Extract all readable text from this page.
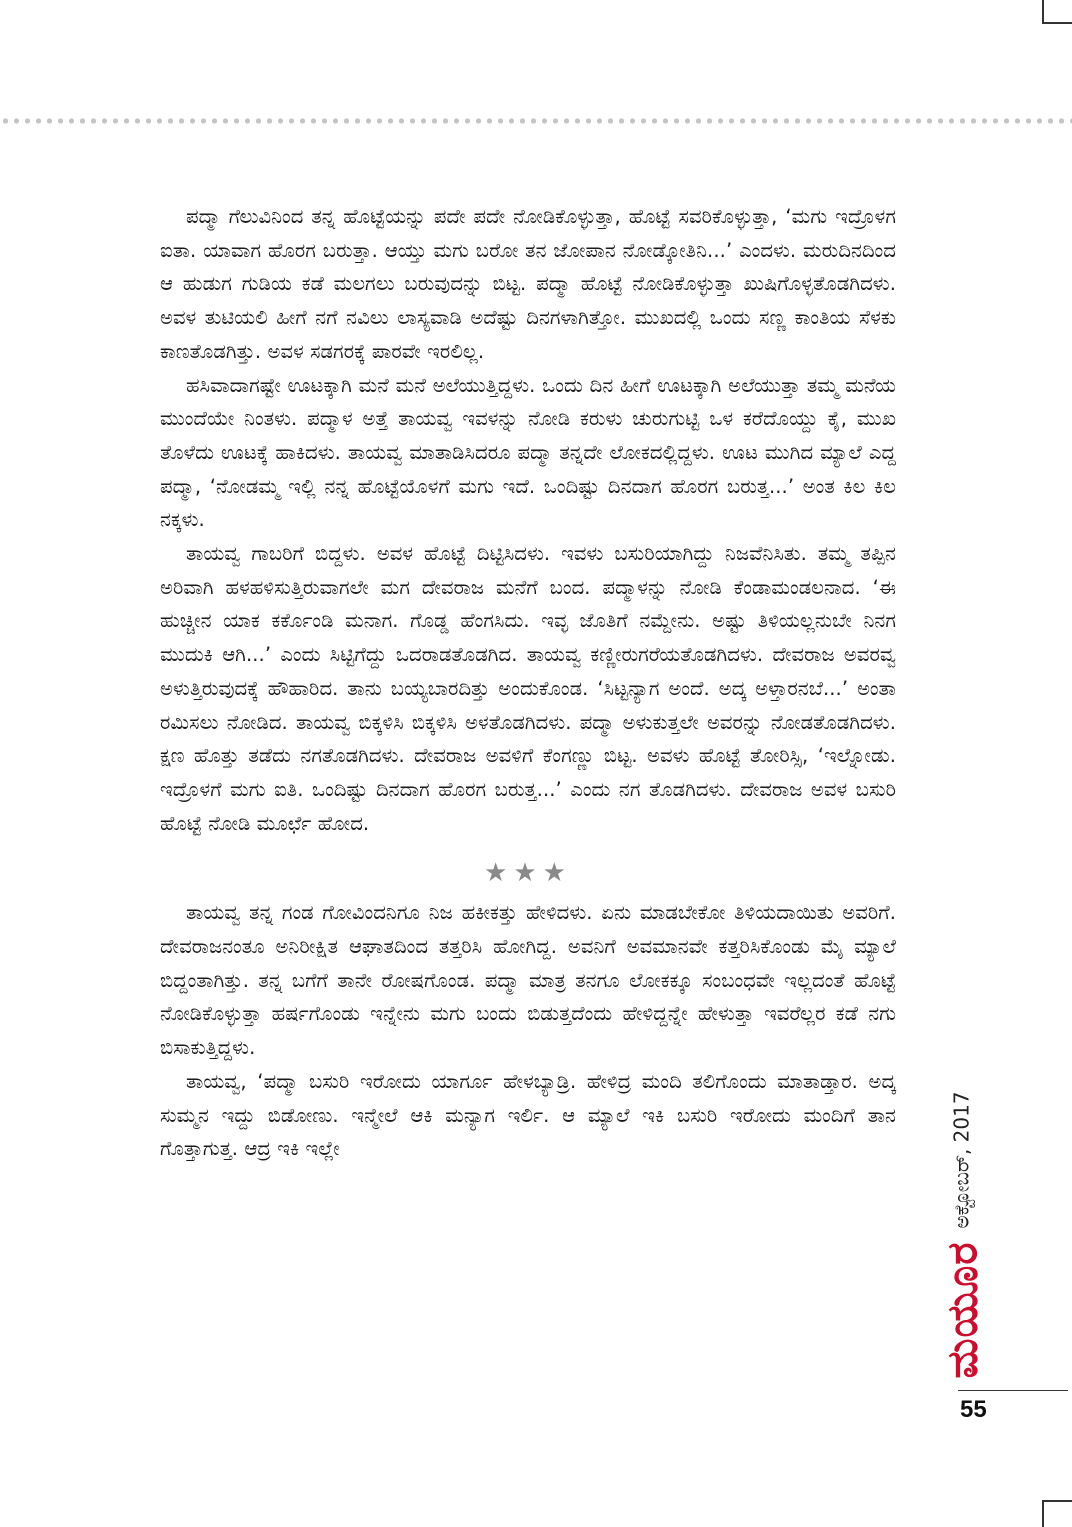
ಪದ್ಮಾ ಗೆಲುವಿನಿಂದ ತನ್ನ ಹೊಟ್ಟೆಯನ್ನು ಪದೇ ಪದೇ ನೋಡಿಕೊಳ್ಳುತ್ತಾ, ಹೊಟ್ಟೆ ಸವರಿಕೊಳ್ಳುತ್ತಾ, ‘ಮಗು ಇದ್ರೊಳಗ ಐತಾ. ಯಾವಾಗ ಹೊರಗ ಬರುತ್ತಾ. ಆಯ್ತು ಮಗು ಬರೋ ತನ ಜೋಪಾನ ನೋಡ್ಕೋತಿನಿ...’ ಎಂದಳು. ಮರುದಿನದಿಂದ ಆ ಹುಡುಗ ಗುಡಿಯ ಕಡೆ ಮಲಗಲು ಬರುವುದನ್ನು ಬಿಟ್ಟ. ಪದ್ಮಾ ಹೊಟ್ಟೆ ನೋಡಿಕೊಳ್ಳುತ್ತಾ ಖುಷಿಗೊಳ್ಳತೊಡಗಿದಳು. ಅವಳ ತುಟಿಯಲಿ ಹೀಗೆ ನಗೆ ನವಿಲು ಲಾಸ್ಯವಾಡಿ ಅದೆಷ್ಟು ದಿನಗಳಾಗಿತ್ತೋ. ಮುಖದಲ್ಲಿ ಒಂದು ಸಣ್ಣ ಕಾಂತಿಯ ಸೆಳಕು ಕಾಣತೊಡಗಿತ್ತು. ಅವಳ ಸಡಗರಕ್ಕೆ ಪಾರವೇ ಇರಲಿಲ್ಲ.

ಹಸಿವಾದಾಗಷ್ಟೇ ಊಟಕ್ಕಾಗಿ ಮನೆ ಮನೆ ಅಲೆಯುತ್ತಿದ್ದಳು. ಒಂದು ದಿನ ಹೀಗೆ ಊಟಕ್ಕಾಗಿ ಅಲೆಯುತ್ತಾ ತಮ್ಮ ಮನೆಯ ಮುಂದೆಯೇ ನಿಂತಳು. ಪದ್ಮಾಳ ಅತ್ತೆ ತಾಯವ್ವ ಇವಳನ್ನು ನೋಡಿ ಕರುಳು ಚುರುಗುಟ್ಟಿ ಒಳ ಕರೆದೊಯ್ದು ಕೈ, ಮುಖ ತೊಳೆದು ಊಟಕ್ಕೆ ಹಾಕಿದಳು. ತಾಯವ್ವ ಮಾತಾಡಿಸಿದರೂ ಪದ್ಮಾ ತನ್ನದೇ ಲೋಕದಲ್ಲಿದ್ದಳು. ಊಟ ಮುಗಿದ ಮ್ಯಾಲೆ ಎದ್ದ ಪದ್ಮಾ, ‘ನೋಡಮ್ಮ ಇಲ್ಲಿ ನನ್ನ ಹೊಟ್ಟೆಯೊಳಗೆ ಮಗು ಇದೆ. ಒಂದಿಷ್ಟು ದಿನದಾಗ ಹೊರಗ ಬರುತ್ತ...’ ಅಂತ ಕಿಲ ಕಿಲ ನಕ್ಕಳು.

ತಾಯವ್ವ ಗಾಬರಿಗೆ ಬಿದ್ದಳು. ಅವಳ ಹೊಟ್ಟೆ ದಿಟ್ಟಿಸಿದಳು. ಇವಳು ಬಸುರಿಯಾಗಿದ್ದು ನಿಜವೆನಿಸಿತು. ತಮ್ಮ ತಪ್ಪಿನ ಅರಿವಾಗಿ ಹಳಹಳಿಸುತ್ತಿರುವಾಗಲೇ ಮಗ ದೇವರಾಜ ಮನೆಗೆ ಬಂದ. ಪದ್ಮಾಳನ್ನು ನೋಡಿ ಕೆಂಡಾಮಂಡಲನಾದ. ‘ಈ ಹುಚ್ಚೀನ ಯಾಕ ಕರ್ಕೊಂಡಿ ಮನಾಗ. ಗೊಡ್ಡ ಹೆಂಗಸಿದು. ಇವ್ಳ ಜೊತಿಗೆ ನಮ್ದೇನು. ಅಷ್ಟು ತಿಳಿಯಲ್ಲನುಬೇ ನಿನಗ ಮುದುಕಿ ಆಗಿ...’ ಎಂದು ಸಿಟ್ಟಿಗೆದ್ದು ಒದರಾಡತೊಡಗಿದ. ತಾಯವ್ವ ಕಣ್ಣೀರುಗರೆಯತೊಡಗಿದಳು. ದೇವರಾಜ ಅವರವ್ವ ಅಳುತ್ತಿರುವುದಕ್ಕೆ ಹೌಹಾರಿದ. ತಾನು ಬಯ್ಯಬಾರದಿತ್ತು ಅಂದುಕೊಂಡ. ‘ಸಿಟ್ಟನ್ಯಾಗ ಅಂದೆ. ಅದ್ಕ ಅಳ್ತಾರನಬೆ...’ ಅಂತಾ ರಮಿಸಲು ನೋಡಿದ. ತಾಯವ್ವ ಬಿಕ್ಕಳಿಸಿ ಬಿಕ್ಕಳಿಸಿ ಅಳತೊಡಗಿದಳು. ಪದ್ಮಾ ಅಳುಕುತ್ತಲೇ ಅವರನ್ನು ನೋಡತೊಡಗಿದಳು. ಕ್ಷಣ ಹೊತ್ತು ತಡೆದು ನಗತೊಡಗಿದಳು. ದೇವರಾಜ ಅವಳಿಗೆ ಕೆಂಗಣ್ಣು ಬಿಟ್ಟ. ಅವಳು ಹೊಟ್ಟೆ ತೋರಿಸ್ಸಿ, ‘ಇಲ್ನೋಡು. ಇದ್ರೊಳಗೆ ಮಗು ಐತಿ. ಒಂದಿಷ್ಟು ದಿನದಾಗ ಹೊರಗ ಬರುತ್ತ...’ ಎಂದು ನಗ ತೊಡಗಿದಳು. ದೇವರಾಜ ಅವಳ ಬಸುರಿ ಹೊಟ್ಟೆ ನೋಡಿ ಮೂರ್ಛೆ ಹೋದ.

★★★

ತಾಯವ್ವ ತನ್ನ ಗಂಡ ಗೋವಿಂದನಿಗೂ ನಿಜ ಹಕೀಕತ್ತು ಹೇಳಿದಳು. ಏನು ಮಾಡಬೇಕೋ ತಿಳಿಯದಾಯಿತು ಅವರಿಗೆ. ದೇವರಾಜನಂತೂ ಅನಿರೀಕ್ಷಿತ ಆಘಾತದಿಂದ ತತ್ತರಿಸಿ ಹೋಗಿದ್ದ. ಅವನಿಗೆ ಅವಮಾನವೇ ಕತ್ತರಿಸಿಕೊಂಡು ಮೈ ಮ್ಯಾಲೆ ಬಿದ್ದಂತಾಗಿತ್ತು. ತನ್ನ ಬಗೆಗೆ ತಾನೇ ರೋಷಗೊಂಡ. ಪದ್ಮಾ ಮಾತ್ರ ತನಗೂ ಲೋಕಕ್ಕೂ ಸಂಬಂಧವೇ ಇಲ್ಲದಂತೆ ಹೊಟ್ಟೆ ನೋಡಿಕೊಳ್ಳುತ್ತಾ ಹರ್ಷಗೊಂಡು ಇನ್ನೇನು ಮಗು ಬಂದು ಬಿಡುತ್ತದೆಂದು ಹೇಳಿದ್ದನ್ನೇ ಹೇಳುತ್ತಾ ಇವರೆಲ್ಲರ ಕಡೆ ನಗು ಬಿಸಾಕುತ್ತಿದ್ದಳು.

ತಾಯವ್ವ, ‘ಪದ್ಮಾ ಬಸುರಿ ಇರೋದು ಯಾರ್ಗೂ ಹೇಳಬ್ಯಾಡ್ರಿ. ಹೇಳಿದ್ರ ಮಂದಿ ತಲಿಗೊಂದು ಮಾತಾಡ್ತಾರ. ಅದ್ಕ ಸುಮ್ಮನ ಇದ್ದು ಬಿಡೋಣು. ಇನ್ಮೇಲೆ ಆಕಿ ಮನ್ಯಾಗ ಇರ್ಲಿ. ಆ ಮ್ಯಾಲೆ ಇಕಿ ಬಸುರಿ ಇರೋದು ಮಂದಿಗೆ ತಾನ ಗೊತ್ತಾಗುತ್ತ. ಆದ್ರ ಇಕಿ ಇಲ್ಲೇ	ಅಕ್ಟೋಬರ್, 2017
ಮಯೂರ
55
